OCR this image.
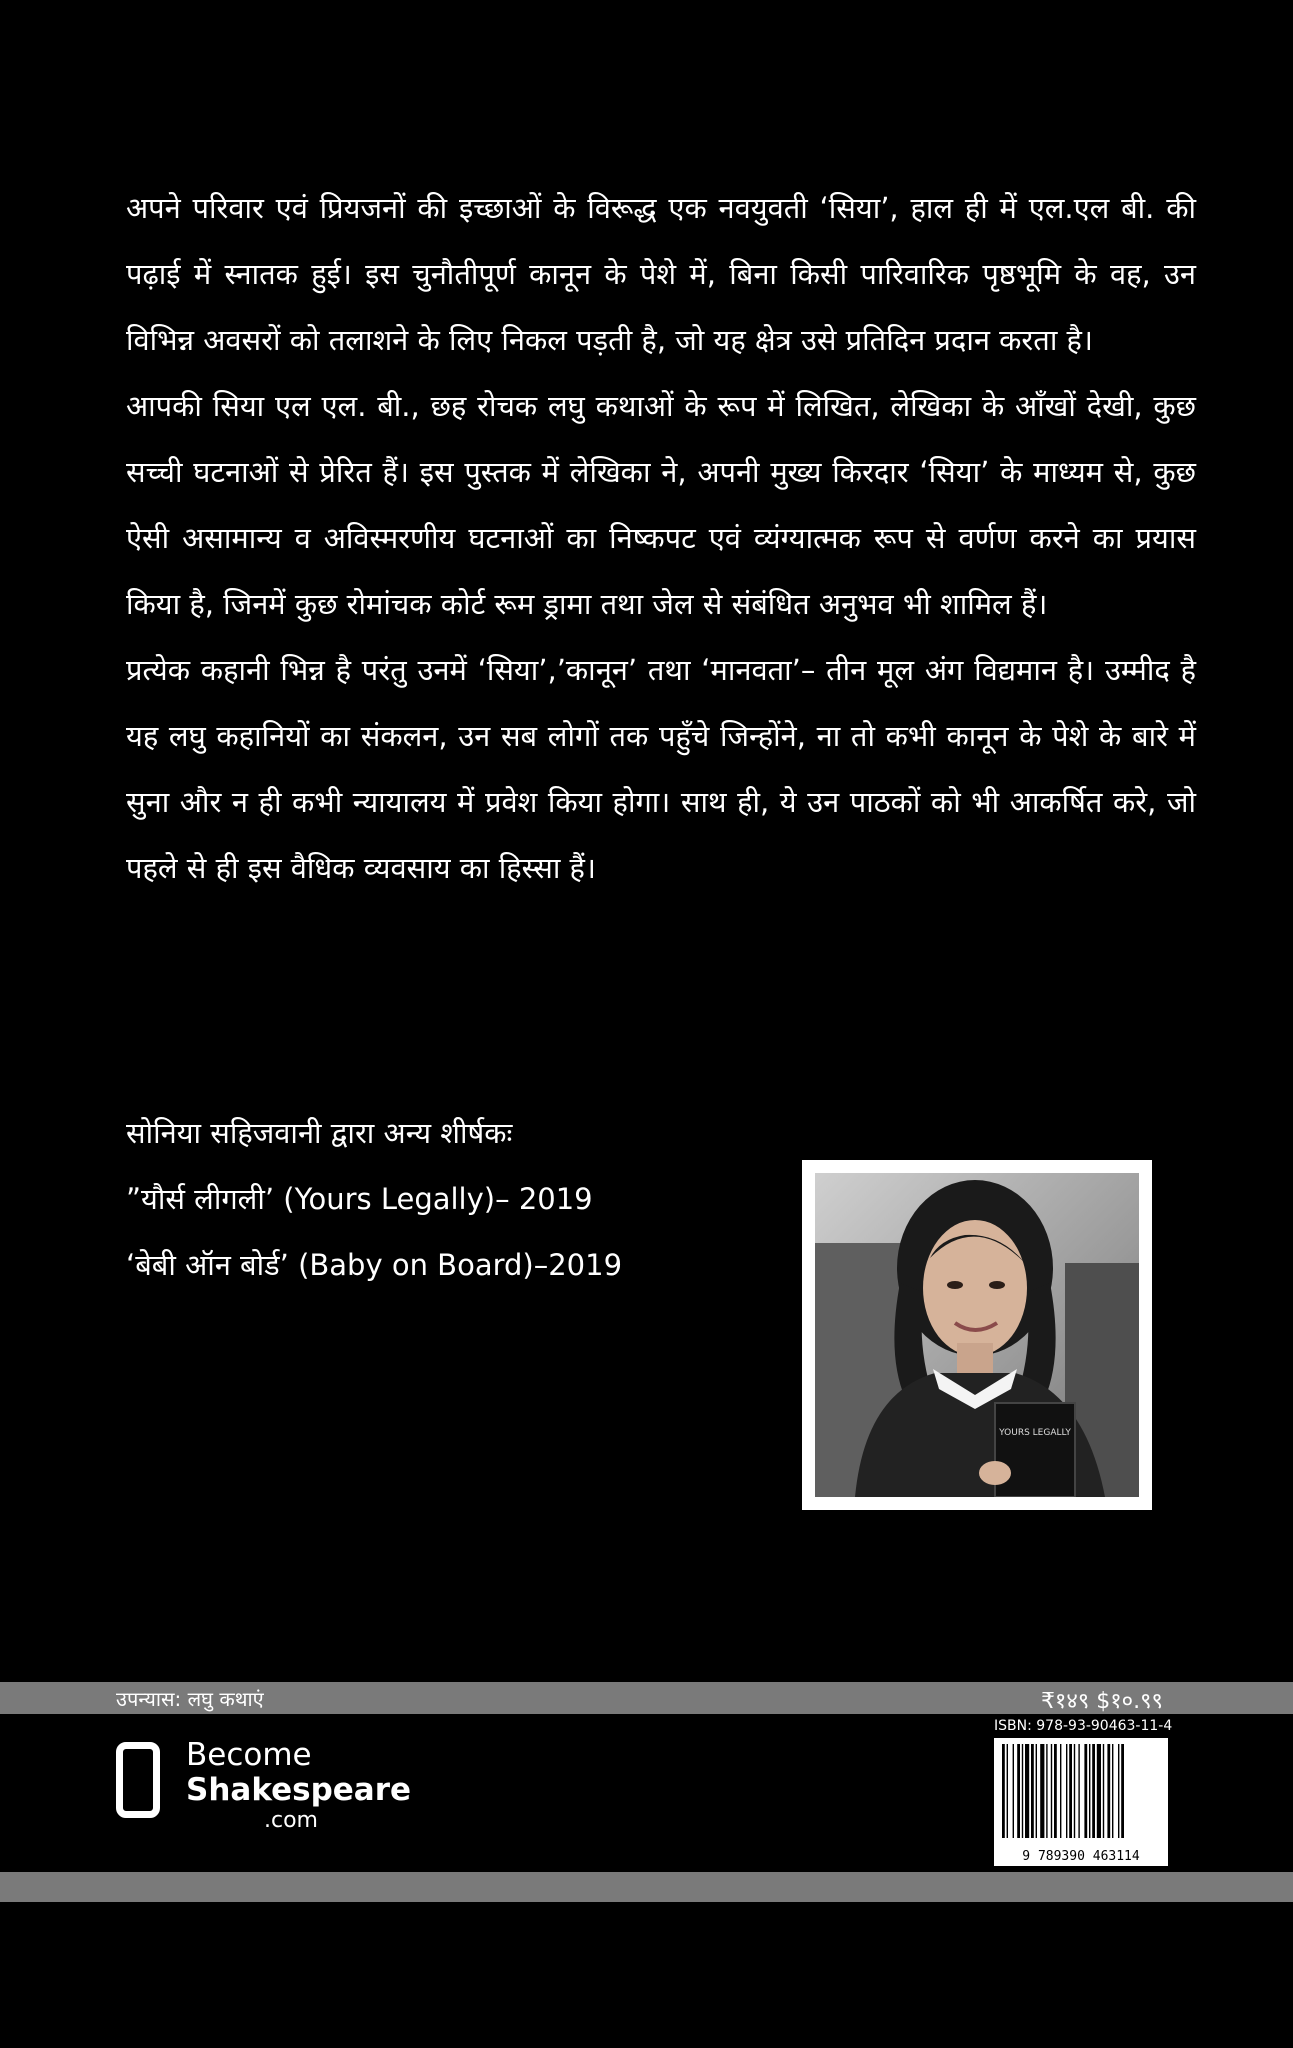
अपने परिवार एवं प्रियजनों की इच्छाओं के विरूद्ध एक नवयुवती ‘सिया’, हाल ही में एल.एल बी. की पढ़ाई में स्नातक हुई। इस चुनौतीपूर्ण कानून के पेशे में, बिना किसी पारिवारिक पृष्ठभूमि के वह, उन विभिन्न अवसरों को तलाशने के लिए निकल पड़ती है, जो यह क्षेत्र उसे प्रतिदिन प्रदान करता है।

आपकी सिया एल एल. बी., छह रोचक लघु कथाओं के रूप में लिखित, लेखिका के आँखों देखी, कुछ सच्ची घटनाओं से प्रेरित हैं। इस पुस्तक में लेखिका ने, अपनी मुख्य किरदार ‘सिया’ के माध्यम से, कुछ ऐसी असामान्य व अविस्मरणीय घटनाओं का निष्कपट एवं व्यंग्यात्मक रूप से वर्णण करने का प्रयास किया है, जिनमें कुछ रोमांचक कोर्ट रूम ड्रामा तथा जेल से संबंधित अनुभव भी शामिल हैं।

प्रत्येक कहानी भिन्न है परंतु उनमें ‘सिया’,’कानून’ तथा ‘मानवता’– तीन मूल अंग विद्यमान है। उम्मीद है यह लघु कहानियों का संकलन, उन सब लोगों तक पहुँचे जिन्होंने, ना तो कभी कानून के पेशे के बारे में सुना और न ही कभी न्यायालय में प्रवेश किया होगा। साथ ही, ये उन पाठकों को भी आकर्षित करे, जो पहले से ही इस वैधिक व्यवसाय का हिस्सा हैं।

सोनिया सहिजवानी द्वारा अन्य शीर्षकः
”यौर्स लीगली’ (Yours Legally)– 2019
‘बेबी ऑन बोर्ड’ (Baby on Board)–2019
YOURS LEGALLY
उपन्यास: लघु कथाएं	₹१४९ $१०.९९
Become
Shakespeare
.com
ISBN: 978-93-90463-11-4
9 789390 463114
